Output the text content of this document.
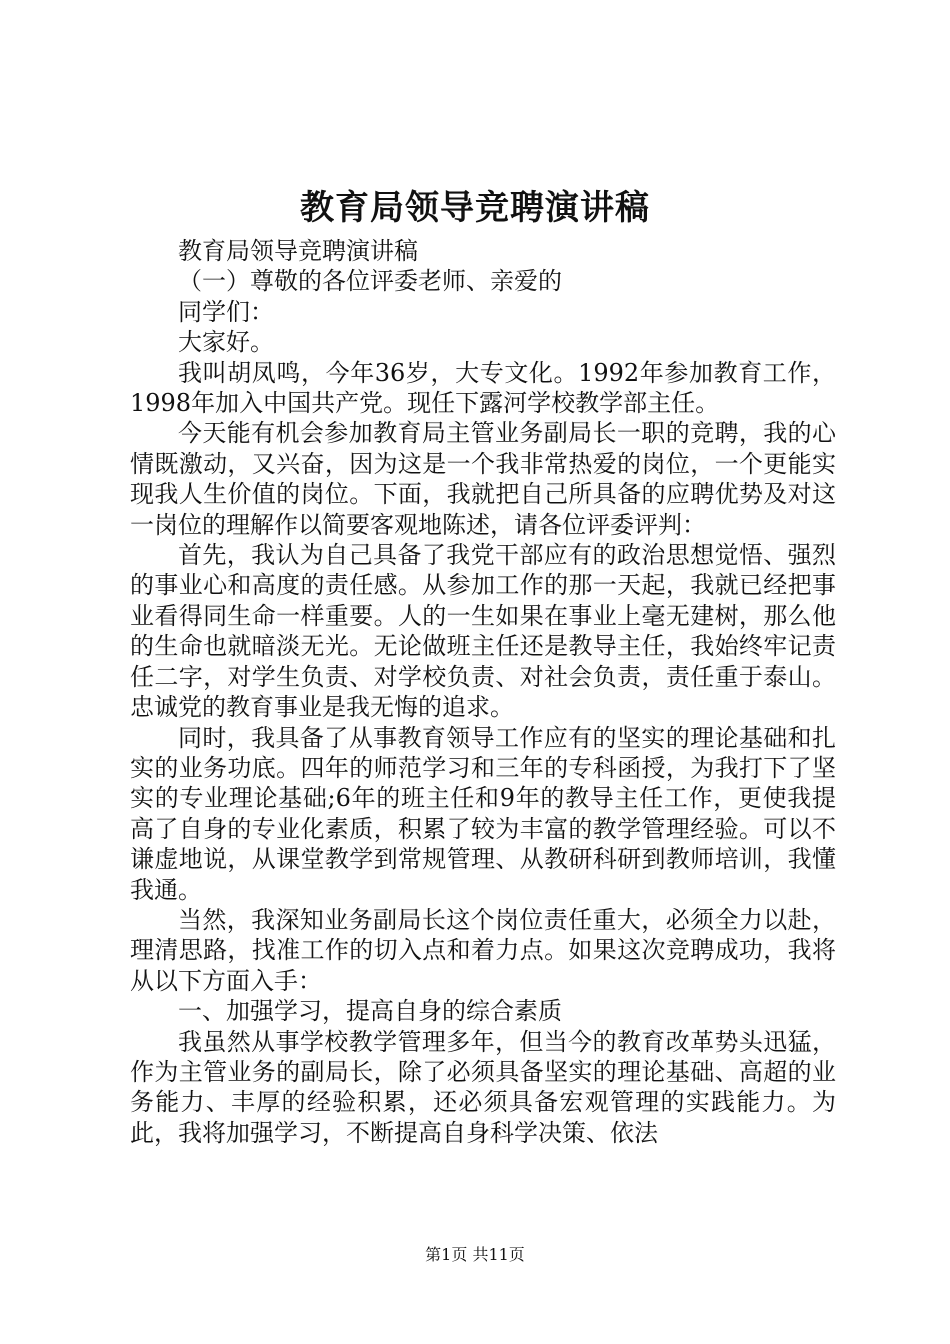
教育局领导竞聘演讲稿

教育局领导竞聘演讲稿

（一）尊敬的各位评委老师、亲爱的

同学们：

大家好。

我叫胡凤鸣，今年36岁，大专文化。1992年参加教育工作，1998年加入中国共产党。现任下露河学校教学部主任。

今天能有机会参加教育局主管业务副局长一职的竞聘，我的心情既激动，又兴奋，因为这是一个我非常热爱的岗位，一个更能实现我人生价值的岗位。下面，我就把自己所具备的应聘优势及对这一岗位的理解作以简要客观地陈述，请各位评委评判：

首先，我认为自己具备了我党干部应有的政治思想觉悟、强烈的事业心和高度的责任感。从参加工作的那一天起，我就已经把事业看得同生命一样重要。人的一生如果在事业上毫无建树，那么他的生命也就暗淡无光。无论做班主任还是教导主任，我始终牢记责任二字，对学生负责、对学校负责、对社会负责，责任重于泰山。忠诚党的教育事业是我无悔的追求。

同时，我具备了从事教育领导工作应有的坚实的理论基础和扎实的业务功底。四年的师范学习和三年的专科函授，为我打下了坚实的专业理论基础;6年的班主任和9年的教导主任工作，更使我提高了自身的专业化素质，积累了较为丰富的教学管理经验。可以不谦虚地说，从课堂教学到常规管理、从教研科研到教师培训，我懂我通。

当然，我深知业务副局长这个岗位责任重大，必须全力以赴，理清思路，找准工作的切入点和着力点。如果这次竞聘成功，我将从以下方面入手：

一、加强学习，提高自身的综合素质

我虽然从事学校教学管理多年，但当今的教育改革势头迅猛，作为主管业务的副局长，除了必须具备坚实的理论基础、高超的业务能力、丰厚的经验积累，还必须具备宏观管理的实践能力。为此，我将加强学习，不断提高自身科学决策、依法

第1页 共11页
